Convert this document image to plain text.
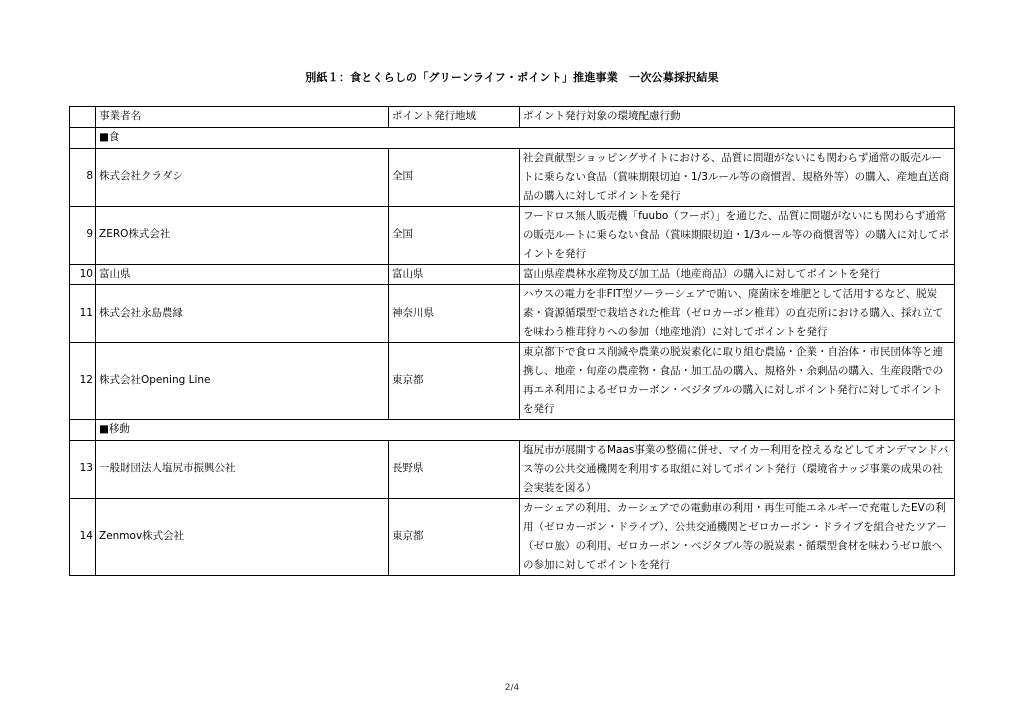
別紙１：食とくらしの「グリーンライフ・ポイント」推進事業　一次公募採択結果
	事業者名	ポイント発行地域	ポイント発行対象の環境配慮行動
	■食		
8	株式会社クラダシ	全国	社会貢献型ショッピングサイトにおける、品質に問題がないにも関わらず通常の販売ルートに乗らない食品（賞味期限切迫・1/3ルール等の商慣習、規格外等）の購入、産地直送商品の購入に対してポイントを発行
9	ZERO株式会社	全国	フードロス無人販売機「fuubo（フーボ）」を通じた、品質に問題がないにも関わらず通常の販売ルートに乗らない食品（賞味期限切迫・1/3ルール等の商慣習等）の購入に対してポイントを発行
10	富山県	富山県	富山県産農林水産物及び加工品（地産商品）の購入に対してポイントを発行
11	株式会社永島農縁	神奈川県	ハウスの電力を非FIT型ソーラーシェアで賄い、廃菌床を堆肥として活用するなど、脱炭素・資源循環型で栽培された椎茸（ゼロカーボン椎茸）の直売所における購入、採れ立てを味わう椎茸狩りへの参加（地産地消）に対してポイントを発行
12	株式会社Opening Line	東京都	東京都下で食ロス削減や農業の脱炭素化に取り組む農協・企業・自治体・市民団体等と連携し、地産・旬産の農産物・食品・加工品の購入、規格外・余剰品の購入、生産段階での再エネ利用によるゼロカーボン・ベジタブルの購入に対しポイント発行に対してポイントを発行
	■移動		
13	一般財団法人塩尻市振興公社	長野県	塩尻市が展開するMaas事業の整備に併せ、マイカー利用を控えるなどしてオンデマンドバス等の公共交通機関を利用する取組に対してポイント発行（環境省ナッジ事業の成果の社会実装を図る）
14	Zenmov株式会社	東京都	カーシェアの利用、カーシェアでの電動車の利用・再生可能エネルギーで充電したEVの利用（ゼロカーボン・ドライブ）、公共交通機関とゼロカーボン・ドライブを組合せたツアー（ゼロ旅）の利用、ゼロカーボン・ベジタブル等の脱炭素・循環型食材を味わうゼロ旅への参加に対してポイントを発行
2/4
